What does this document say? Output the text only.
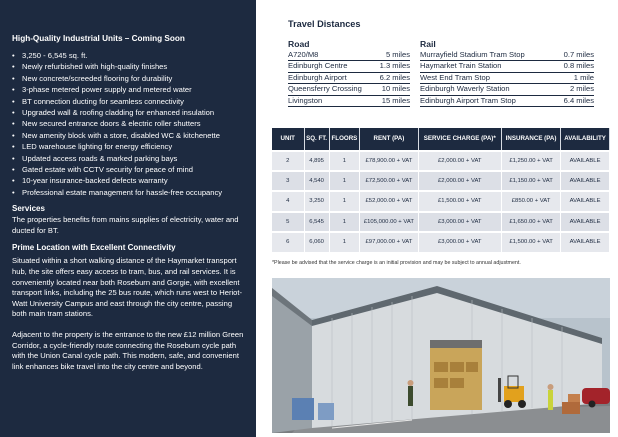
High-Quality Industrial Units – Coming Soon
• 3,250 - 6,545 sq. ft.
• Newly refurbished with high-quality finishes
• New concrete/screeded flooring for durability
• 3-phase metered power supply and metered water
• BT connection ducting for seamless connectivity
• Upgraded wall & roofing cladding for enhanced insulation
• New secured entrance doors & electric roller shutters
• New amenity block with a store, disabled WC & kitchenette
• LED warehouse lighting for energy efficiency
• Updated access roads & marked parking bays
• Gated estate with CCTV security for peace of mind
• 10-year insurance-backed defects warranty
• Professional estate management for hassle-free occupancy
Services

The properties benefits from mains supplies of electricity, water and ducted for BT.

Prime Location with Excellent Connectivity

Situated within a short walking distance of the Haymarket transport hub, the site offers easy access to tram, bus, and rail services. It is conveniently located near both Roseburn and Gorgie, with excellent transport links, including the 25 bus route, which runs west to Heriot-Watt University Campus and east through the city centre, passing both main tram stations.

Adjacent to the property is the entrance to the new £12 million Green Corridor, a cycle-friendly route connecting the Roseburn cycle path with the Union Canal cycle path. This modern, safe, and convenient link enhances bike travel into the city centre and beyond.

Travel Distances
Road
A720/M8	5 miles
Edinburgh Centre	1.3 miles
Edinburgh Airport	6.2 miles
Queensferry Crossing	10 miles
Livingston	15 miles
Rail
Murrayfield Stadium Tram Stop	0.7 miles
Haymarket Train Station	0.8 miles
West End Tram Stop	1 mile
Edinburgh Waverly Station	2 miles
Edinburgh Airport Tram Stop	6.4 miles
UNIT	SQ. FT.	FLOORS	RENT (PA)	SERVICE CHARGE (PA)*	INSURANCE (PA)	AVAILABILITY
2	4,895	1	£78,900.00 + VAT	£2,000.00 + VAT	£1,250.00 + VAT	AVAILABLE
3	4,540	1	£72,500.00 + VAT	£2,000.00 + VAT	£1,150.00 + VAT	AVAILABLE
4	3,250	1	£52,000.00 + VAT	£1,500.00 + VAT	£850.00 + VAT	AVAILABLE
5	6,545	1	£105,000.00 + VAT	£3,000.00 + VAT	£1,650.00 + VAT	AVAILABLE
6	6,060	1	£97,000.00 + VAT	£3,000.00 + VAT	£1,500.00 + VAT	AVAILABLE
*Please be advised that the service charge is an initial provision and may be subject to annual adjustment.
